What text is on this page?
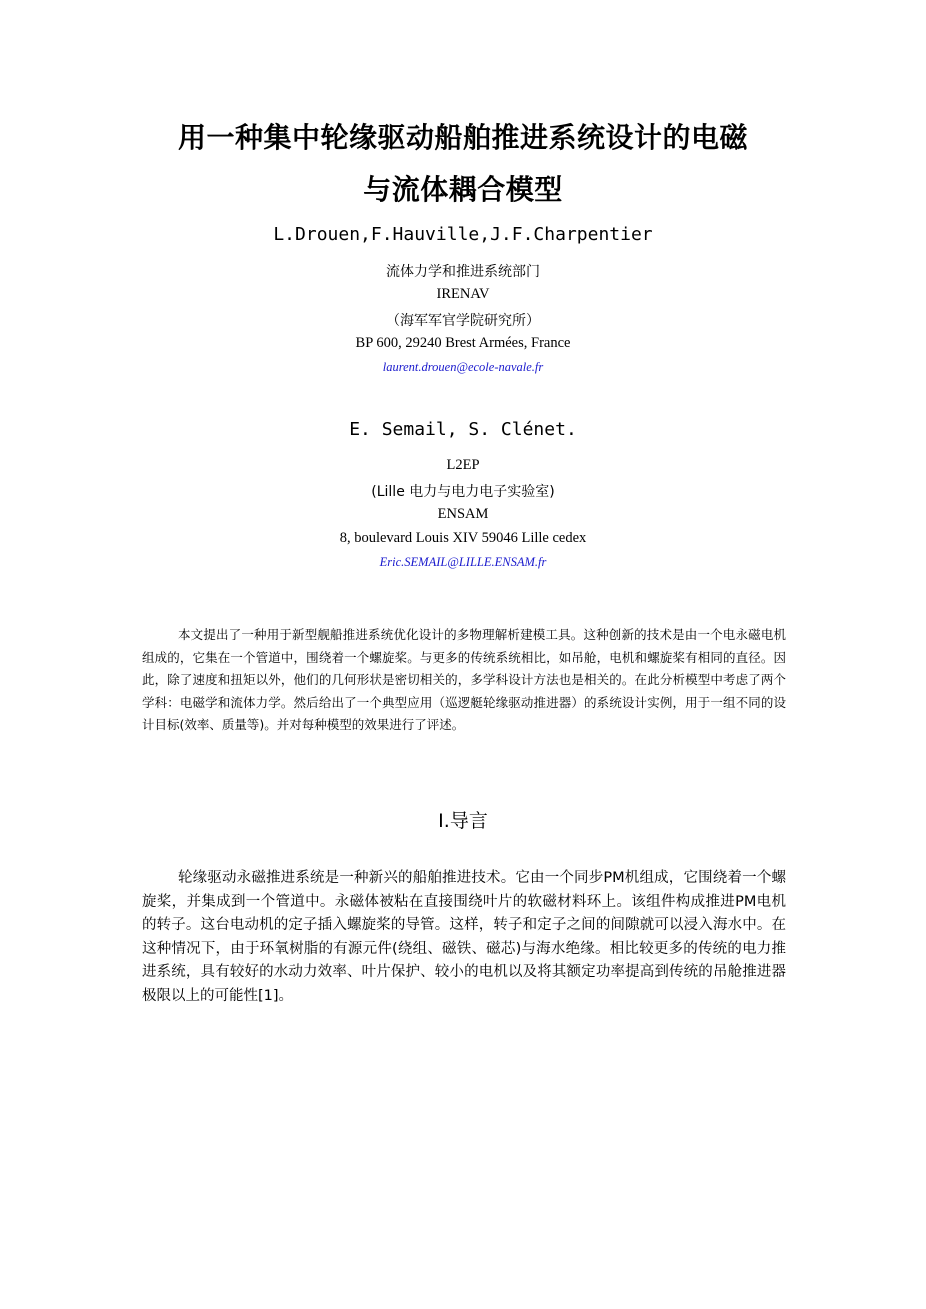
用一种集中轮缘驱动船舶推进系统设计的电磁
与流体耦合模型
L.Drouen,F.Hauville,J.F.Charpentier
流体力学和推进系统部门
IRENAV
（海军军官学院研究所）
BP 600, 29240 Brest Armées, France
laurent.drouen@ecole-navale.fr
E. Semail, S. Clénet.
L2EP
(Lille 电力与电力电子实验室)
ENSAM
8, boulevard Louis XIV 59046 Lille cedex
Eric.SEMAIL@LILLE.ENSAM.fr

本文提出了一种用于新型舰船推进系统优化设计的多物理解析建模工具。这种创新的技术是由一个电永磁电机组成的，它集在一个管道中，围绕着一个螺旋桨。与更多的传统系统相比，如吊舱，电机和螺旋桨有相同的直径。因此，除了速度和扭矩以外，他们的几何形状是密切相关的，多学科设计方法也是相关的。在此分析模型中考虑了两个学科：电磁学和流体力学。然后给出了一个典型应用（巡逻艇轮缘驱动推进器）的系统设计实例，用于一组不同的设计目标(效率、质量等)。并对每种模型的效果进行了评述。

I.导言

轮缘驱动永磁推进系统是一种新兴的船舶推进技术。它由一个同步PM机组成，它围绕着一个螺旋桨，并集成到一个管道中。永磁体被粘在直接围绕叶片的软磁材料环上。该组件构成推进PM电机的转子。这台电动机的定子插入螺旋桨的导管。这样，转子和定子之间的间隙就可以浸入海水中。在这种情况下，由于环氧树脂的有源元件(绕组、磁铁、磁芯)与海水绝缘。相比较更多的传统的电力推进系统，具有较好的水动力效率、叶片保护、较小的电机以及将其额定功率提高到传统的吊舱推进器极限以上的可能性[1]。
